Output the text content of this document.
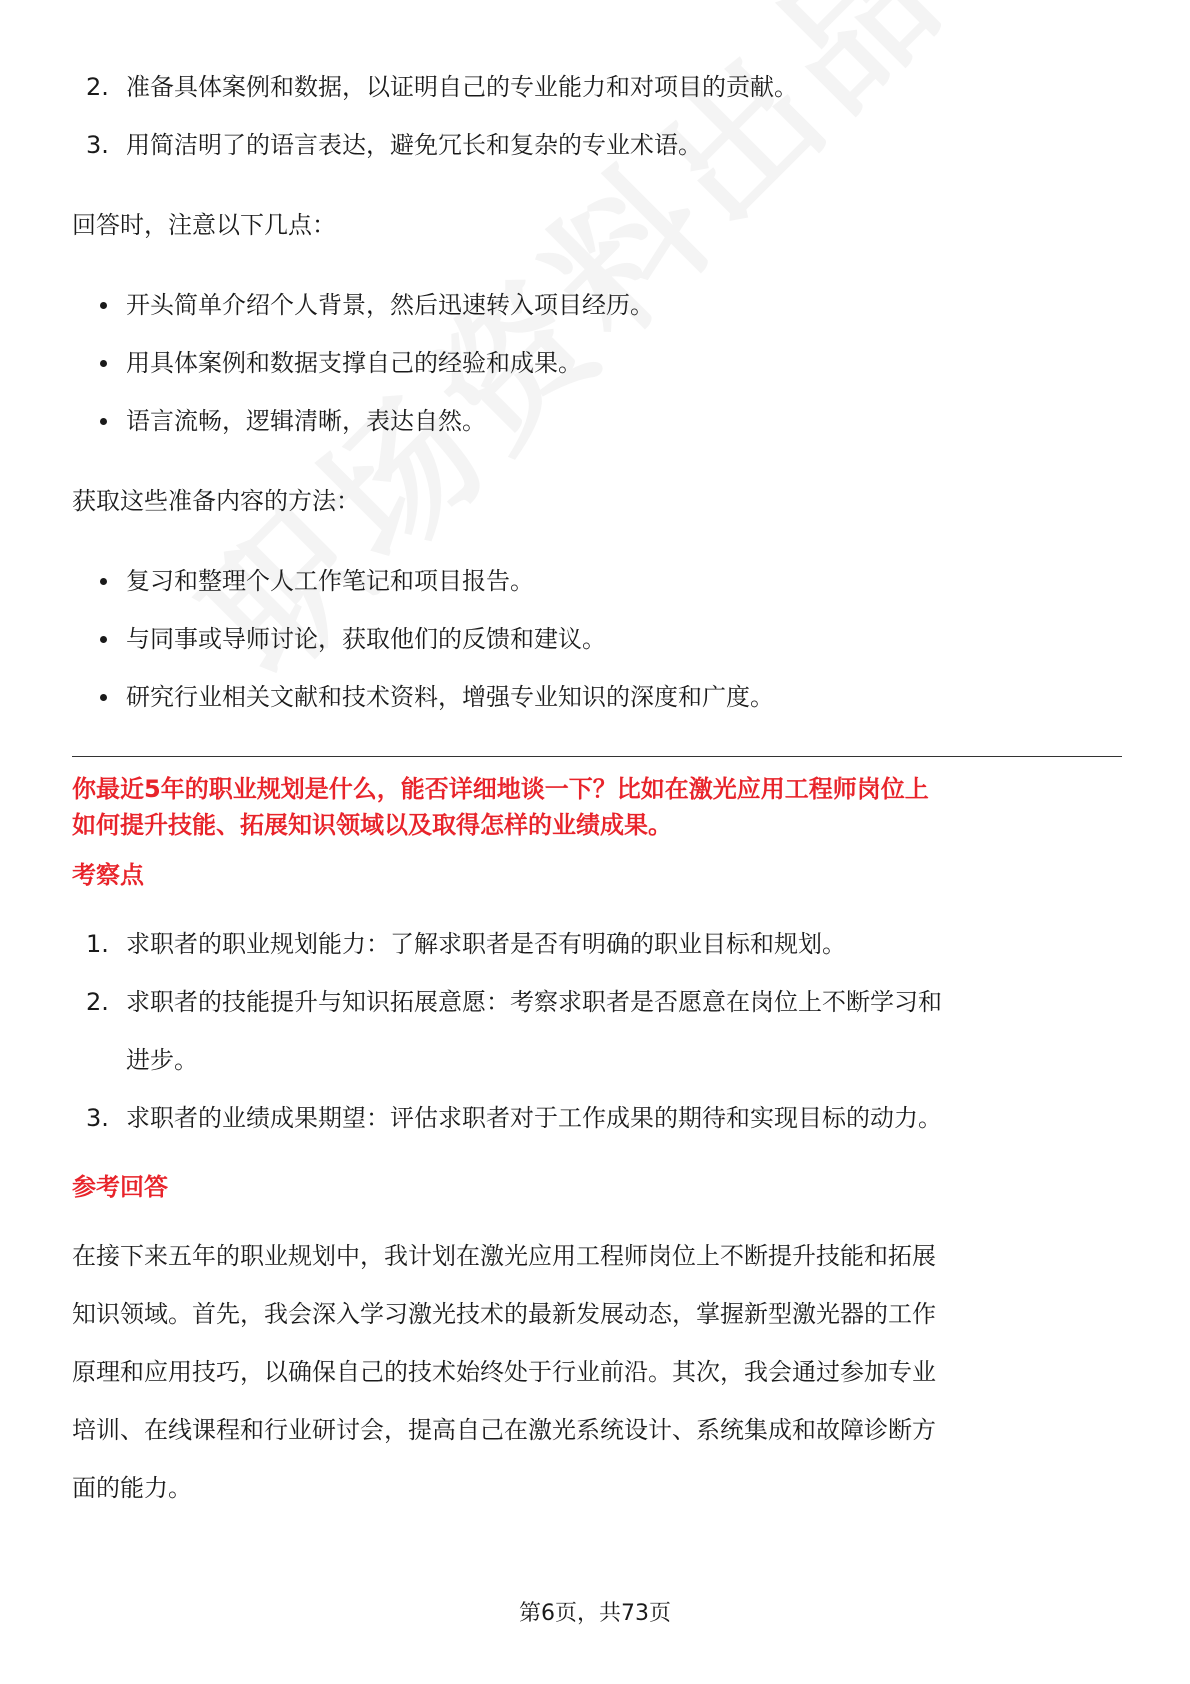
2. 准备具体案例和数据，以证明自己的专业能力和对项目的贡献。
3. 用简洁明了的语言表达，避免冗长和复杂的专业术语。

回答时，注意以下几点：

开头简单介绍个人背景，然后迅速转入项目经历。
用具体案例和数据支撑自己的经验和成果。
语言流畅，逻辑清晰，表达自然。

获取这些准备内容的方法：

复习和整理个人工作笔记和项目报告。
与同事或导师讨论，获取他们的反馈和建议。
研究行业相关文献和技术资料，增强专业知识的深度和广度。

你最近5年的职业规划是什么，能否详细地谈一下？比如在激光应用工程师岗位上
如何提升技能、拓展知识领域以及取得怎样的业绩成果。

考察点

1. 求职者的职业规划能力：了解求职者是否有明确的职业目标和规划。
2. 求职者的技能提升与知识拓展意愿：考察求职者是否愿意在岗位上不断学习和
进步。
3. 求职者的业绩成果期望：评估求职者对于工作成果的期待和实现目标的动力。

参考回答

在接下来五年的职业规划中，我计划在激光应用工程师岗位上不断提升技能和拓展
知识领域。首先，我会深入学习激光技术的最新发展动态，掌握新型激光器的工作
原理和应用技巧，以确保自己的技术始终处于行业前沿。其次，我会通过参加专业
培训、在线课程和行业研讨会，提高自己在激光系统设计、系统集成和故障诊断方
面的能力。
第6页，共73页
